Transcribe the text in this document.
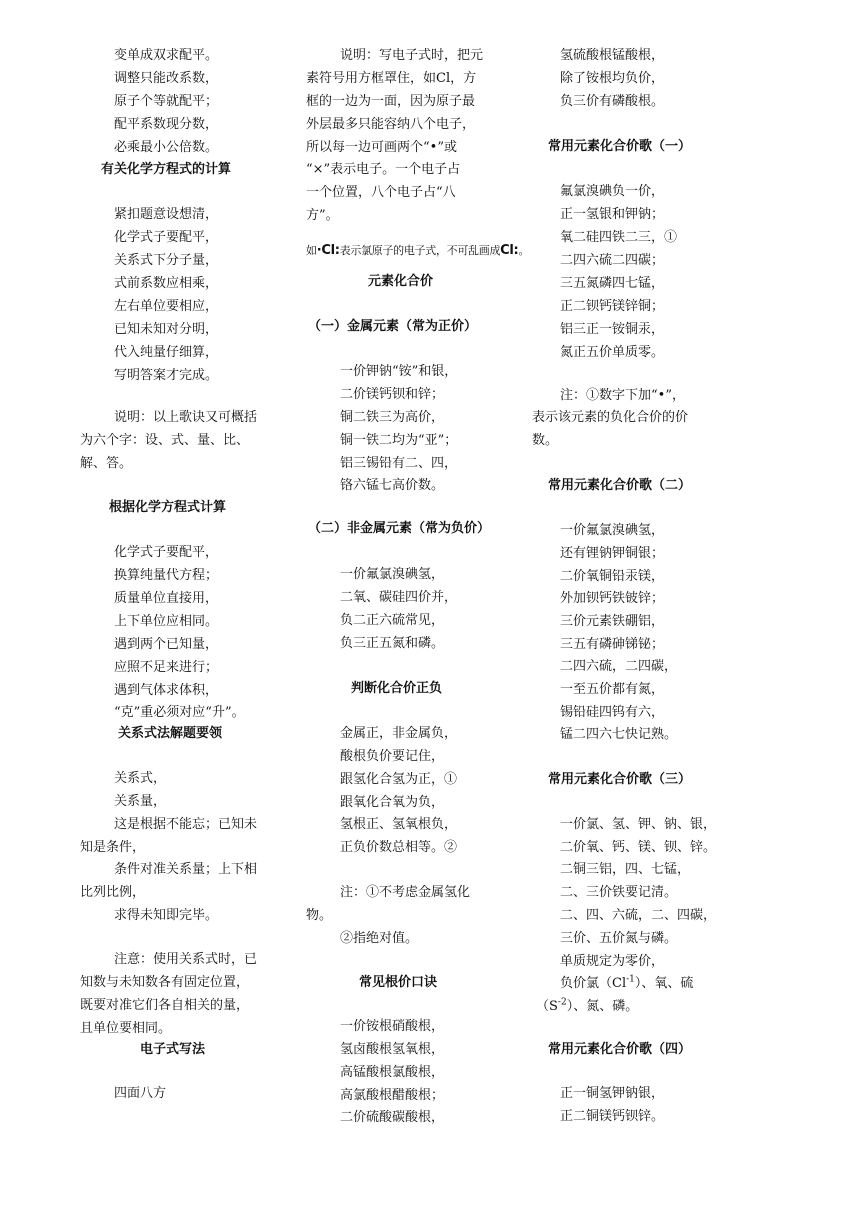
变单成双求配平。
调整只能改系数，
原子个等就配平；
配平系数现分数，
必乘最小公倍数。
有关化学方程式的计算
紧扣题意设想清，
化学式子要配平，
关系式下分子量，
式前系数应相乘，
左右单位要相应，
已知未知对分明，
代入纯量仔细算，
写明答案才完成。
说明：以上歌诀又可概括
为六个字：设、式、量、比、
解、答。
根据化学方程式计算
化学式子要配平，
换算纯量代方程；
质量单位直接用，
上下单位应相同。
遇到两个已知量，
应照不足来进行；
遇到气体求体积，
“克”重必须对应“升”。
关系式法解题要领
关系式，
关系量，
这是根据不能忘；已知未
知是条件，
条件对准关系量；上下相
比列比例，
求得未知即完毕。
注意：使用关系式时，已
知数与未知数各有固定位置，
既要对准它们各自相关的量，
且单位要相同。
电子式写法
四面八方
说明：写电子式时，把元
素符号用方框罩住，如Cl，方
框的一边为一面，因为原子最
外层最多只能容纳八个电子，
所以每一边可画两个“•”或
“×”表示电子。一个电子占
一个位置，八个电子占“八
方”。
如·Cl:表示氯原子的电子式，不可乱画成Cl:。
元素化合价
（一）金属元素（常为正价）
一价钾钠“铵”和银，
二价镁钙钡和锌；
铜二铁三为高价，
铜一铁二均为“亚”；
铝三锡铅有二、四，
铬六锰七高价数。
（二）非金属元素（常为负价）
一价氟氯溴碘氢，
二氧、碳硅四价并，
负二正六硫常见，
负三正五氮和磷。
判断化合价正负
金属正，非金属负，
酸根负价要记住，
跟氢化合氢为正，①
跟氧化合氧为负，
氢根正、氢氧根负，
正负价数总相等。②
注：①不考虑金属氢化
物。
②指绝对值。
常见根价口诀
一价铵根硝酸根，
氢卤酸根氢氧根，
高锰酸根氯酸根，
高氯酸根醋酸根；
二价硫酸碳酸根，
氢硫酸根锰酸根，
除了铵根均负价，
负三价有磷酸根。
常用元素化合价歌（一）
氟氯溴碘负一价，
正一氢银和钾钠；
氧二硅四铁二三，①
二四六硫二四碳；
三五氮磷四七锰，
正二钡钙镁锌铜；
铝三正一铵铜汞，
氮正五价单质零。
注：①数字下加“•”，
表示该元素的负化合价的价
数。
常用元素化合价歌（二）
一价氟氯溴碘氢，
还有锂钠钾铜银；
二价氧铜铅汞镁，
外加钡钙铁铍锌；
三价元素铁硼铝，
三五有磷砷锑铋；
二四六硫，二四碳，
一至五价都有氮，
锡铅硅四钨有六，
锰二四六七快记熟。
常用元素化合价歌（三）
一价氯、氢、钾、钠、银，
二价氧、钙、镁、钡、锌。
二铜三铝，四、七锰，
二、三价铁要记清。
二、四、六硫，二、四碳，
三价、五价氮与磷。
单质规定为零价，
负价氯$(Cl^{-1})$、氧、硫
$(S^{-2})$、氮、磷。
常用元素化合价歌（四）
正一铜氢钾钠银，
正二铜镁钙钡锌。
